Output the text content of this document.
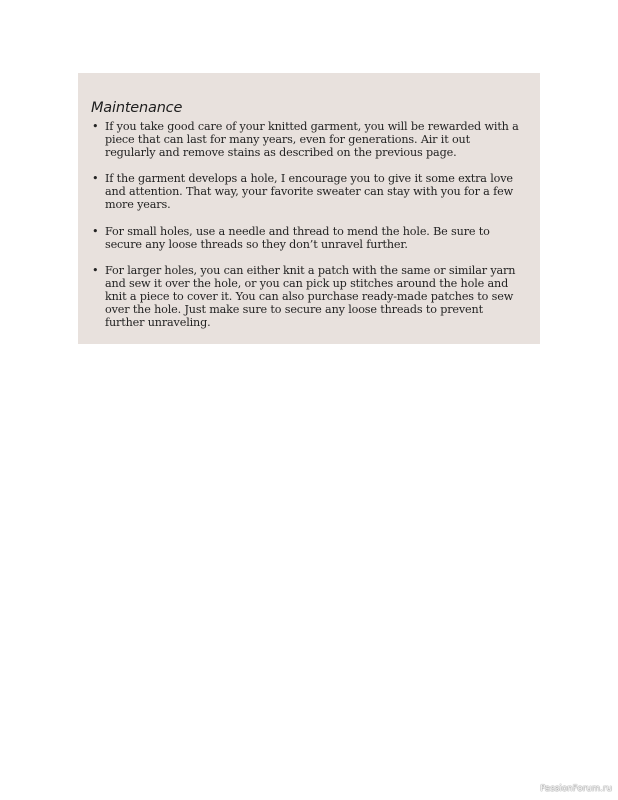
Maintenance
• If you take good care of your knitted garment, you will be rewarded with a piece that can last for many years, even for generations. Air it out regularly and remove stains as described on the previous page.
• If the garment develops a hole, I encourage you to give it some extra love and attention. That way, your favorite sweater can stay with you for a few more years.
• For small holes, use a needle and thread to mend the hole. Be sure to secure any loose threads so they don’t unravel further.
• For larger holes, you can either knit a patch with the same or similar yarn and sew it over the hole, or you can pick up stitches around the hole and knit a piece to cover it. You can also purchase ready-made patches to sew over the hole. Just make sure to secure any loose threads to prevent further unraveling.
PassionForum.ru
